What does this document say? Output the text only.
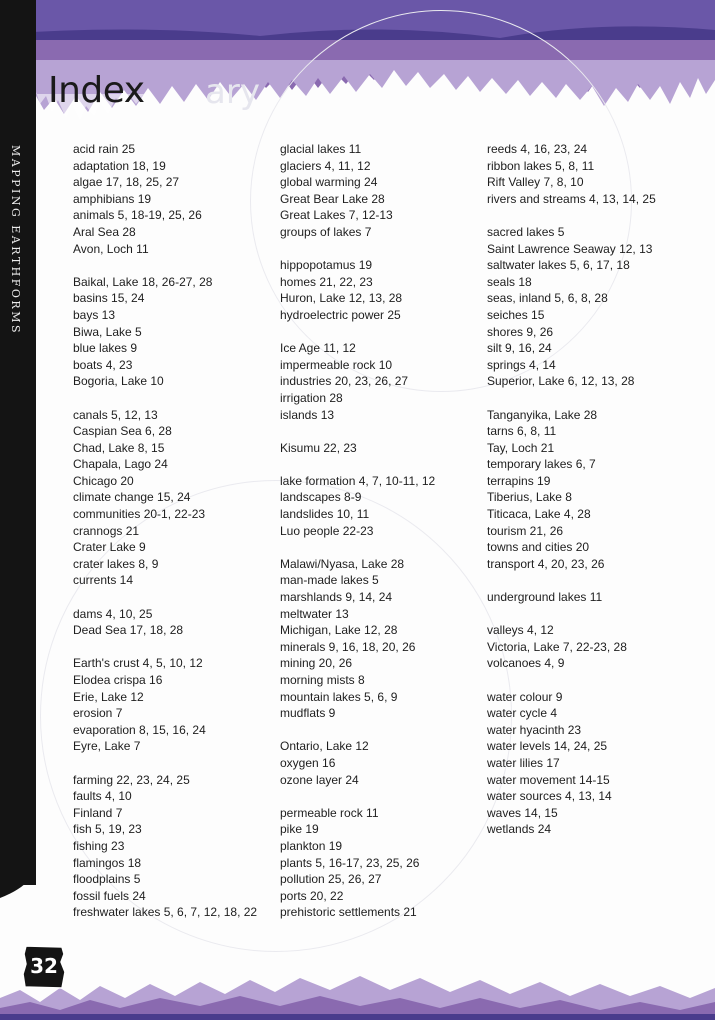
ary
MAPPING EARTHFORMS
Index
acid rain 25
adaptation 18, 19
algae 17, 18, 25, 27
amphibians 19
animals 5, 18-19, 25, 26
Aral Sea 28
Avon, Loch 11
Baikal, Lake 18, 26-27, 28
basins 15, 24
bays 13
Biwa, Lake 5
blue lakes 9
boats 4, 23
Bogoria, Lake 10
canals 5, 12, 13
Caspian Sea 6, 28
Chad, Lake 8, 15
Chapala, Lago 24
Chicago 20
climate change 15, 24
communities 20-1, 22-23
crannogs 21
Crater Lake 9
crater lakes 8, 9
currents 14
dams 4, 10, 25
Dead Sea 17, 18, 28
Earth's crust 4, 5, 10, 12
Elodea crispa 16
Erie, Lake 12
erosion 7
evaporation 8, 15, 16, 24
Eyre, Lake 7
farming 22, 23, 24, 25
faults 4, 10
Finland 7
fish 5, 19, 23
fishing 23
flamingos 18
floodplains 5
fossil fuels 24
freshwater lakes 5, 6, 7, 12, 18, 22
glacial lakes 11
glaciers 4, 11, 12
global warming 24
Great Bear Lake 28
Great Lakes 7, 12-13
groups of lakes 7
hippopotamus 19
homes 21, 22, 23
Huron, Lake 12, 13, 28
hydroelectric power 25
Ice Age 11, 12
impermeable rock 10
industries 20, 23, 26, 27
irrigation 28
islands 13
Kisumu 22, 23
lake formation 4, 7, 10-11, 12
landscapes 8-9
landslides 10, 11
Luo people 22-23
Malawi/Nyasa, Lake 28
man-made lakes 5
marshlands 9, 14, 24
meltwater 13
Michigan, Lake 12, 28
minerals 9, 16, 18, 20, 26
mining 20, 26
morning mists 8
mountain lakes 5, 6, 9
mudflats 9
Ontario, Lake 12
oxygen 16
ozone layer 24
permeable rock 11
pike 19
plankton 19
plants 5, 16-17, 23, 25, 26
pollution 25, 26, 27
ports 20, 22
prehistoric settlements 21
reeds 4, 16, 23, 24
ribbon lakes 5, 8, 11
Rift Valley 7, 8, 10
rivers and streams 4, 13, 14, 25
sacred lakes 5
Saint Lawrence Seaway 12, 13
saltwater lakes 5, 6, 17, 18
seals 18
seas, inland 5, 6, 8, 28
seiches 15
shores 9, 26
silt 9, 16, 24
springs 4, 14
Superior, Lake 6, 12, 13, 28
Tanganyika, Lake 28
tarns 6, 8, 11
Tay, Loch 21
temporary lakes 6, 7
terrapins 19
Tiberius, Lake 8
Titicaca, Lake 4, 28
tourism 21, 26
towns and cities 20
transport 4, 20, 23, 26
underground lakes 11
valleys 4, 12
Victoria, Lake 7, 22-23, 28
volcanoes 4, 9
water colour 9
water cycle 4
water hyacinth 23
water levels 14, 24, 25
water lilies 17
water movement 14-15
water sources 4, 13, 14
waves 14, 15
wetlands 24
32
